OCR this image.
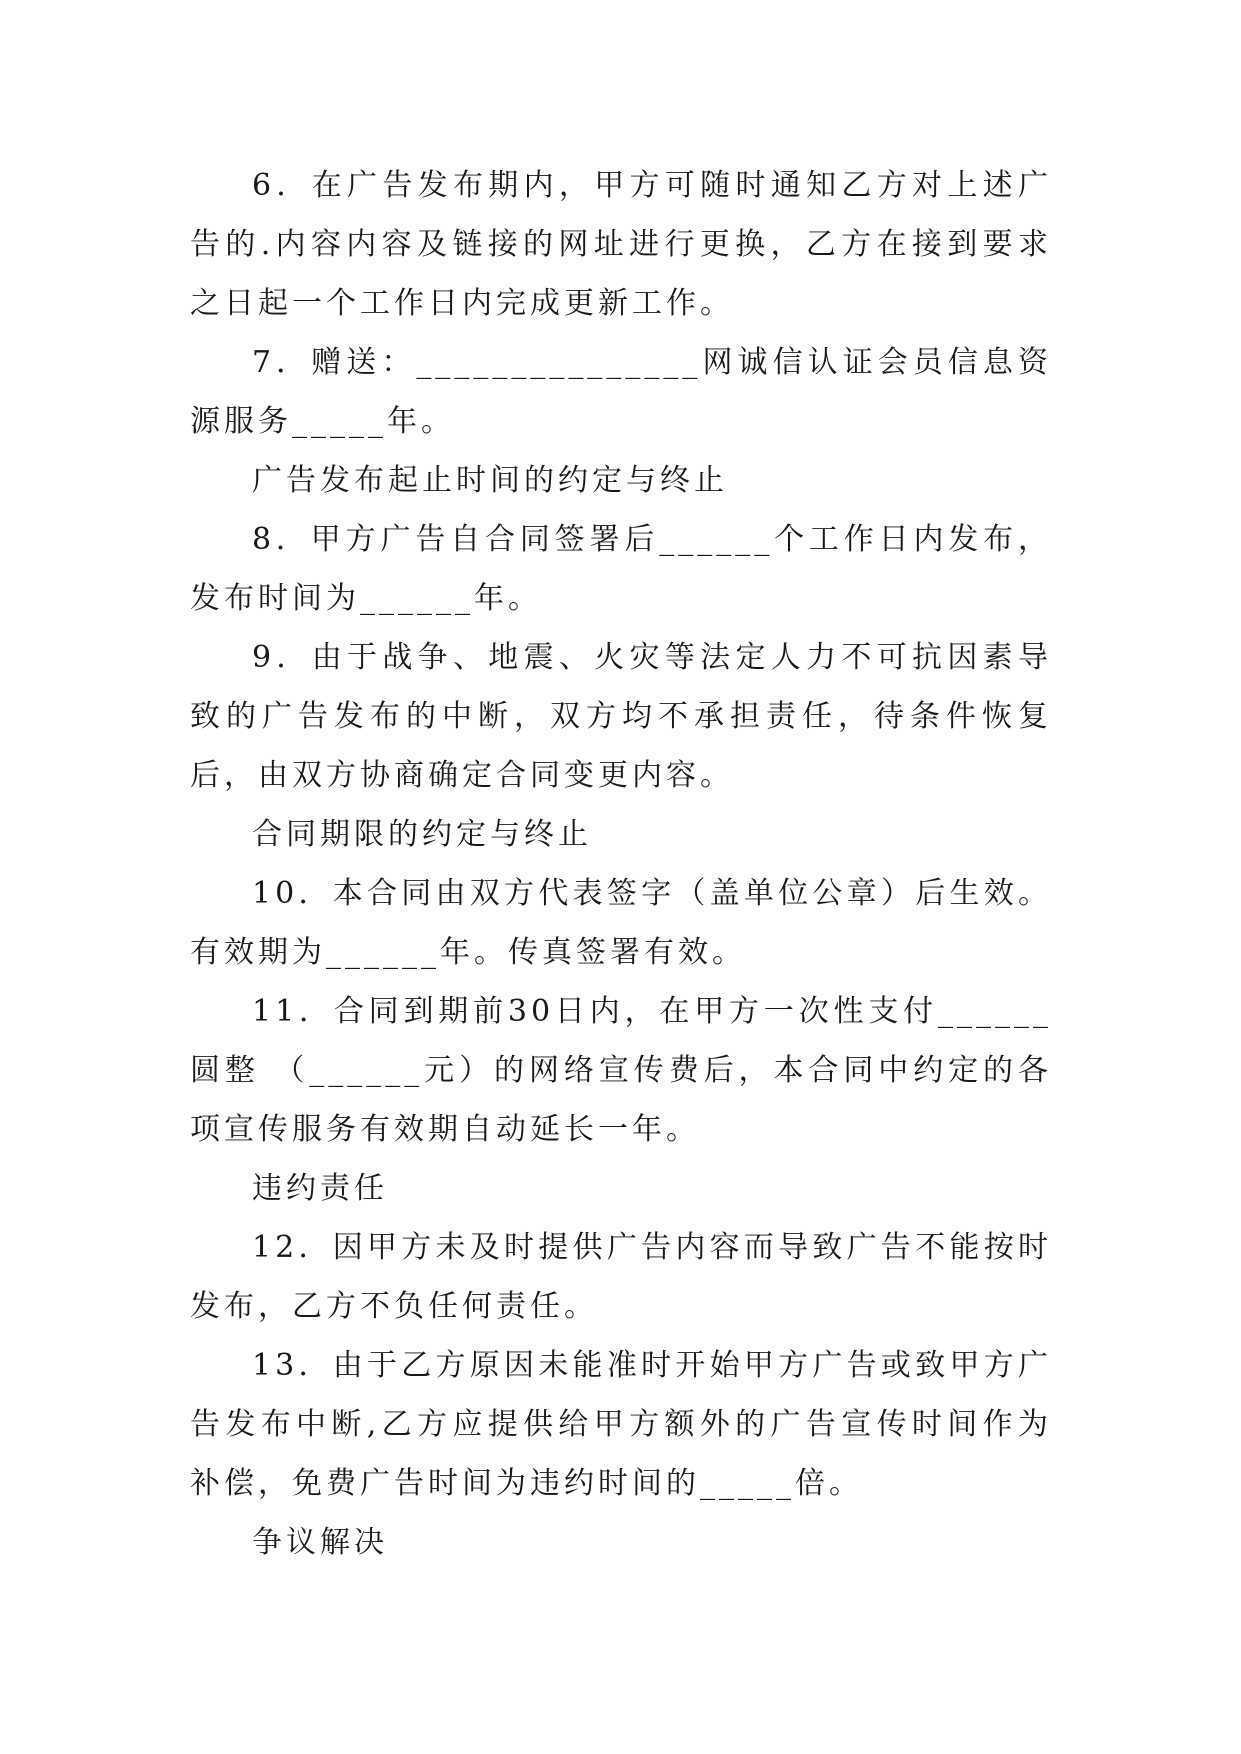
6．在广告发布期内，甲方可随时通知乙方对上述广告的.内容内容及链接的网址进行更换，乙方在接到要求之日起一个工作日内完成更新工作。

7．赠送：_______________网诚信认证会员信息资源服务_____年。

广告发布起止时间的约定与终止

8．甲方广告自合同签署后______个工作日内发布，发布时间为______年。

9．由于战争、地震、火灾等法定人力不可抗因素导致的广告发布的中断，双方均不承担责任，待条件恢复后，由双方协商确定合同变更内容。

合同期限的约定与终止

10．本合同由双方代表签字（盖单位公章）后生效。有效期为______年。传真签署有效。

11．合同到期前30日内，在甲方一次性支付______圆整 （______元）的网络宣传费后，本合同中约定的各项宣传服务有效期自动延长一年。

违约责任

12．因甲方未及时提供广告内容而导致广告不能按时发布，乙方不负任何责任。

13．由于乙方原因未能准时开始甲方广告或致甲方广告发布中断,乙方应提供给甲方额外的广告宣传时间作为补偿，免费广告时间为违约时间的_____倍。

争议解决
